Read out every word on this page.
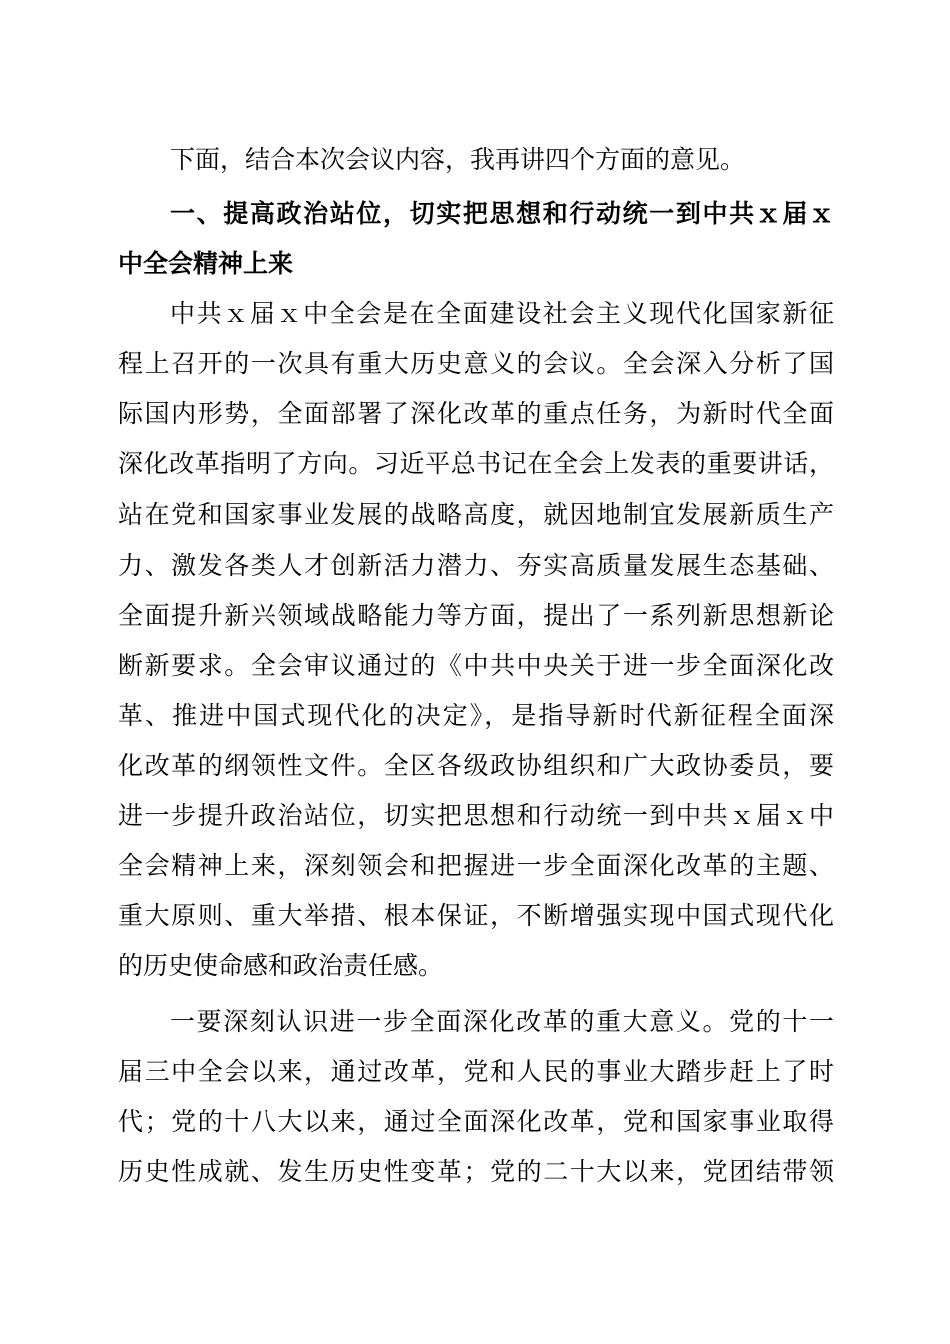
下面，结合本次会议内容，我再讲四个方面的意见。
一、提高政治站位，切实把思想和行动统一到中共ｘ届ｘ
中全会精神上来
中共ｘ届ｘ中全会是在全面建设社会主义现代化国家新征
程上召开的一次具有重大历史意义的会议。全会深入分析了国
际国内形势，全面部署了深化改革的重点任务，为新时代全面
深化改革指明了方向。习近平总书记在全会上发表的重要讲话，
站在党和国家事业发展的战略高度，就因地制宜发展新质生产
力、激发各类人才创新活力潜力、夯实高质量发展生态基础、
全面提升新兴领域战略能力等方面，提出了一系列新思想新论
断新要求。全会审议通过的《中共中央关于进一步全面深化改
革、推进中国式现代化的决定》，是指导新时代新征程全面深
化改革的纲领性文件。全区各级政协组织和广大政协委员，要
进一步提升政治站位，切实把思想和行动统一到中共ｘ届ｘ中
全会精神上来，深刻领会和把握进一步全面深化改革的主题、
重大原则、重大举措、根本保证，不断增强实现中国式现代化
的历史使命感和政治责任感。
一要深刻认识进一步全面深化改革的重大意义。党的十一
届三中全会以来，通过改革，党和人民的事业大踏步赶上了时
代；党的十八大以来，通过全面深化改革，党和国家事业取得
历史性成就、发生历史性变革；党的二十大以来，党团结带领
